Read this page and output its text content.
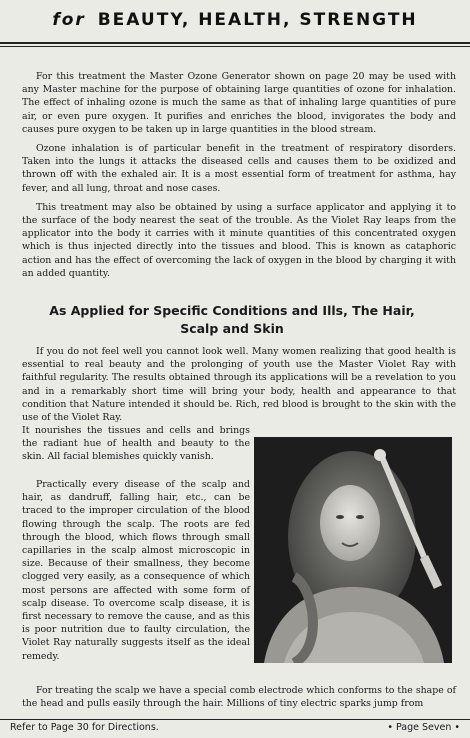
for BEAUTY, HEALTH, STRENGTH

For this treatment the Master Ozone Generator shown on page 20 may be used with any Master machine for the purpose of obtaining large quantities of ozone for inhalation. The effect of inhaling ozone is much the same as that of inhaling large quantities of pure air, or even pure oxygen. It purifies and enriches the blood, invigorates the body and causes pure oxygen to be taken up in large quantities in the blood stream.

Ozone inhalation is of particular benefit in the treatment of respiratory disorders. Taken into the lungs it attacks the diseased cells and causes them to be oxidized and thrown off with the exhaled air. It is a most essential form of treatment for asthma, hay fever, and all lung, throat and nose cases.

This treatment may also be obtained by using a surface applicator and applying it to the surface of the body nearest the seat of the trouble. As the Violet Ray leaps from the applicator into the body it carries with it minute quantities of this concentrated oxygen which is thus injected directly into the tissues and blood. This is known as cataphoric action and has the effect of overcoming the lack of oxygen in the blood by charging it with an added quantity.

As Applied for Specific Conditions and Ills, The Hair,
Scalp and Skin

If you do not feel well you cannot look well. Many women realizing that good health is essential to real beauty and the prolonging of youth use the Master Violet Ray with faithful regularity. The results obtained through its applications will be a revelation to you and in a remarkably short time will bring your body, health and appearance to that condition that Nature intended it should be. Rich, red blood is brought to the skin with the use of the Violet Ray.

It nourishes the tissues and cells and brings the radiant hue of health and beauty to the skin. All facial blemishes quickly vanish.

Practically every disease of the scalp and hair, as dandruff, falling hair, etc., can be traced to the improper circulation of the blood flowing through the scalp. The roots are fed through the blood, which flows through small capillaries in the scalp almost microscopic in size. Because of their smallness, they become clogged very easily, as a consequence of which most persons are affected with some form of scalp disease. To overcome scalp disease, it is first necessary to remove the cause, and as this is poor nutrition due to faulty circulation, the Violet Ray naturally suggests itself as the ideal remedy.

For treating the scalp we have a special comb electrode which conforms to the shape of the head and pulls easily through the hair. Millions of tiny electric sparks jump from

Refer to Page 30 for Directions.	• Page Seven •
